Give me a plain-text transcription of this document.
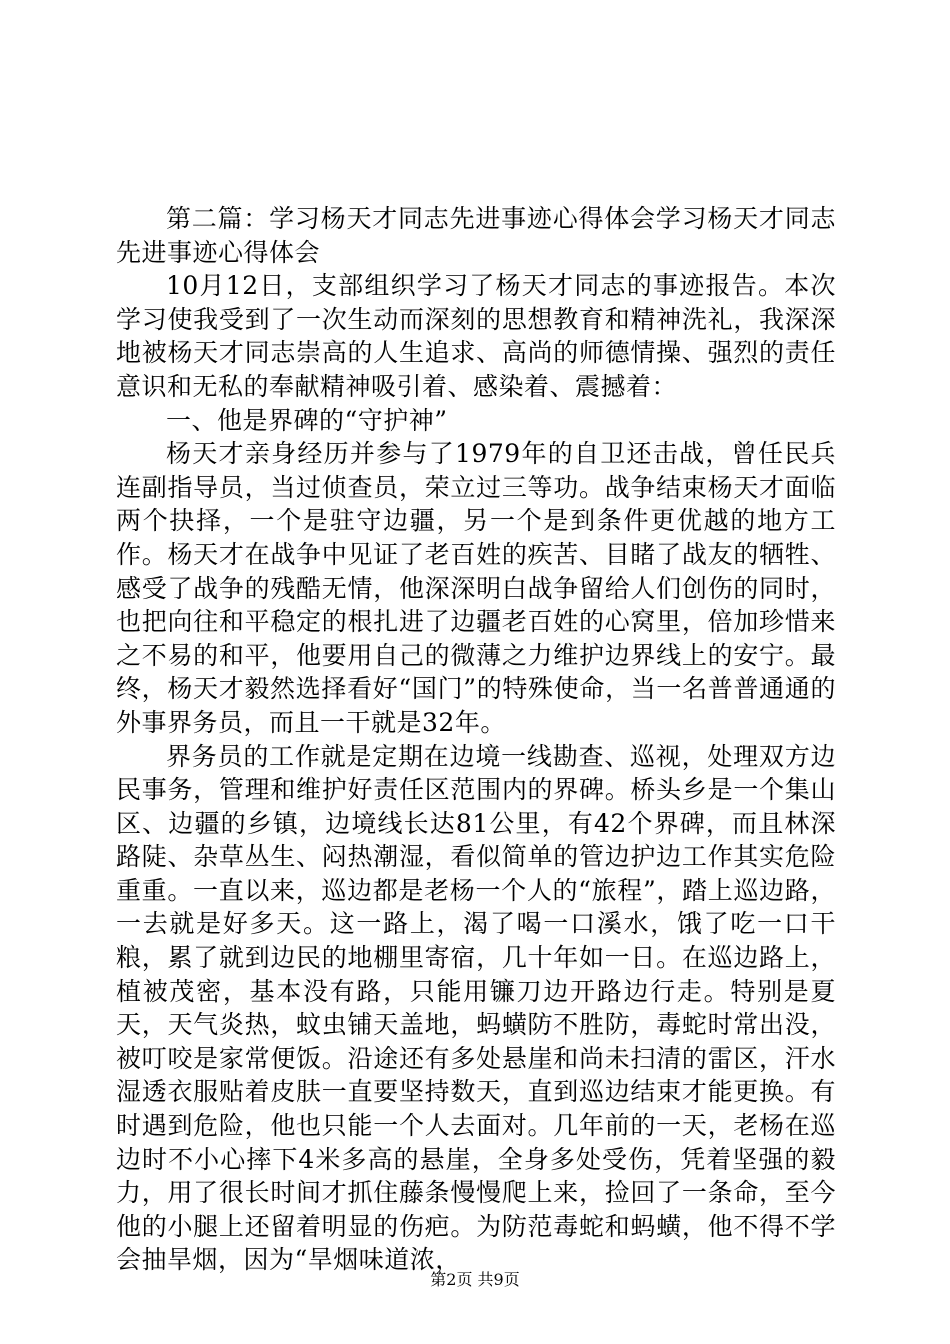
第二篇：学习杨天才同志先进事迹心得体会学习杨天才同志先进事迹心得体会

10月12日，支部组织学习了杨天才同志的事迹报告。本次学习使我受到了一次生动而深刻的思想教育和精神洗礼，我深深地被杨天才同志崇高的人生追求、高尚的师德情操、强烈的责任意识和无私的奉献精神吸引着、感染着、震撼着：

一、他是界碑的“守护神”

杨天才亲身经历并参与了1979年的自卫还击战，曾任民兵连副指导员，当过侦查员，荣立过三等功。战争结束杨天才面临两个抉择，一个是驻守边疆，另一个是到条件更优越的地方工作。杨天才在战争中见证了老百姓的疾苦、目睹了战友的牺牲、感受了战争的残酷无情，他深深明白战争留给人们创伤的同时，也把向往和平稳定的根扎进了边疆老百姓的心窝里，倍加珍惜来之不易的和平，他要用自己的微薄之力维护边界线上的安宁。最终，杨天才毅然选择看好“国门”的特殊使命，当一名普普通通的外事界务员，而且一干就是32年。

界务员的工作就是定期在边境一线勘查、巡视，处理双方边民事务，管理和维护好责任区范围内的界碑。桥头乡是一个集山区、边疆的乡镇，边境线长达81公里，有42个界碑，而且林深路陡、杂草丛生、闷热潮湿，看似简单的管边护边工作其实危险重重。一直以来，巡边都是老杨一个人的“旅程”，踏上巡边路，一去就是好多天。这一路上，渴了喝一口溪水，饿了吃一口干粮，累了就到边民的地棚里寄宿，几十年如一日。在巡边路上，植被茂密，基本没有路，只能用镰刀边开路边行走。特别是夏天，天气炎热，蚊虫铺天盖地，蚂蟥防不胜防，毒蛇时常出没，被叮咬是家常便饭。沿途还有多处悬崖和尚未扫清的雷区，汗水湿透衣服贴着皮肤一直要坚持数天，直到巡边结束才能更换。有时遇到危险，他也只能一个人去面对。几年前的一天，老杨在巡边时不小心摔下4米多高的悬崖，全身多处受伤，凭着坚强的毅力，用了很长时间才抓住藤条慢慢爬上来，捡回了一条命，至今他的小腿上还留着明显的伤疤。为防范毒蛇和蚂蟥，他不得不学会抽旱烟，因为“旱烟味道浓，

第2页 共9页
